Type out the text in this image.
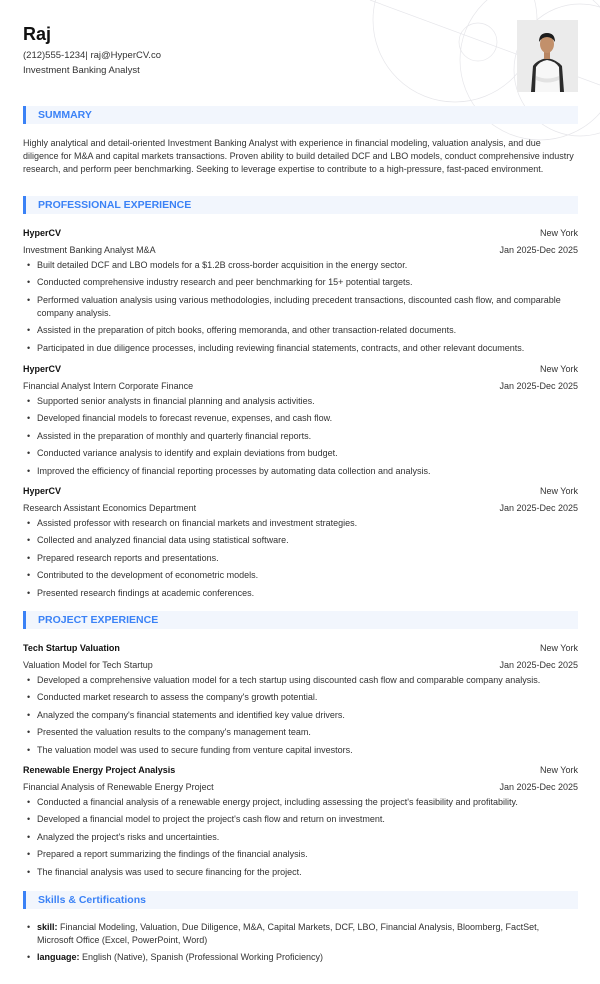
Raj
(212)555-1234| raj@HyperCV.co
Investment Banking Analyst
SUMMARY
Highly analytical and detail-oriented Investment Banking Analyst with experience in financial modeling, valuation analysis, and due diligence for M&A and capital markets transactions. Proven ability to build detailed DCF and LBO models, conduct comprehensive industry research, and perform peer benchmarking. Seeking to leverage expertise to contribute to a high-pressure, fast-paced environment.
PROFESSIONAL EXPERIENCE
HyperCV	New York
Investment Banking Analyst M&A	Jan 2025-Dec 2025
• Built detailed DCF and LBO models for a $1.2B cross-border acquisition in the energy sector.
• Conducted comprehensive industry research and peer benchmarking for 15+ potential targets.
• Performed valuation analysis using various methodologies, including precedent transactions, discounted cash flow, and comparable company analysis.
• Assisted in the preparation of pitch books, offering memoranda, and other transaction-related documents.
• Participated in due diligence processes, including reviewing financial statements, contracts, and other relevant documents.
HyperCV	New York
Financial Analyst Intern Corporate Finance	Jan 2025-Dec 2025
• Supported senior analysts in financial planning and analysis activities.
• Developed financial models to forecast revenue, expenses, and cash flow.
• Assisted in the preparation of monthly and quarterly financial reports.
• Conducted variance analysis to identify and explain deviations from budget.
• Improved the efficiency of financial reporting processes by automating data collection and analysis.
HyperCV	New York
Research Assistant Economics Department	Jan 2025-Dec 2025
• Assisted professor with research on financial markets and investment strategies.
• Collected and analyzed financial data using statistical software.
• Prepared research reports and presentations.
• Contributed to the development of econometric models.
• Presented research findings at academic conferences.
PROJECT EXPERIENCE
Tech Startup Valuation	New York
Valuation Model for Tech Startup	Jan 2025-Dec 2025
• Developed a comprehensive valuation model for a tech startup using discounted cash flow and comparable company analysis.
• Conducted market research to assess the company's growth potential.
• Analyzed the company's financial statements and identified key value drivers.
• Presented the valuation results to the company's management team.
• The valuation model was used to secure funding from venture capital investors.
Renewable Energy Project Analysis	New York
Financial Analysis of Renewable Energy Project	Jan 2025-Dec 2025
• Conducted a financial analysis of a renewable energy project, including assessing the project's feasibility and profitability.
• Developed a financial model to project the project's cash flow and return on investment.
• Analyzed the project's risks and uncertainties.
• Prepared a report summarizing the findings of the financial analysis.
• The financial analysis was used to secure financing for the project.
Skills & Certifications
• skill: Financial Modeling, Valuation, Due Diligence, M&A, Capital Markets, DCF, LBO, Financial Analysis, Bloomberg, FactSet, Microsoft Office (Excel, PowerPoint, Word)
• language: English (Native), Spanish (Professional Working Proficiency)
